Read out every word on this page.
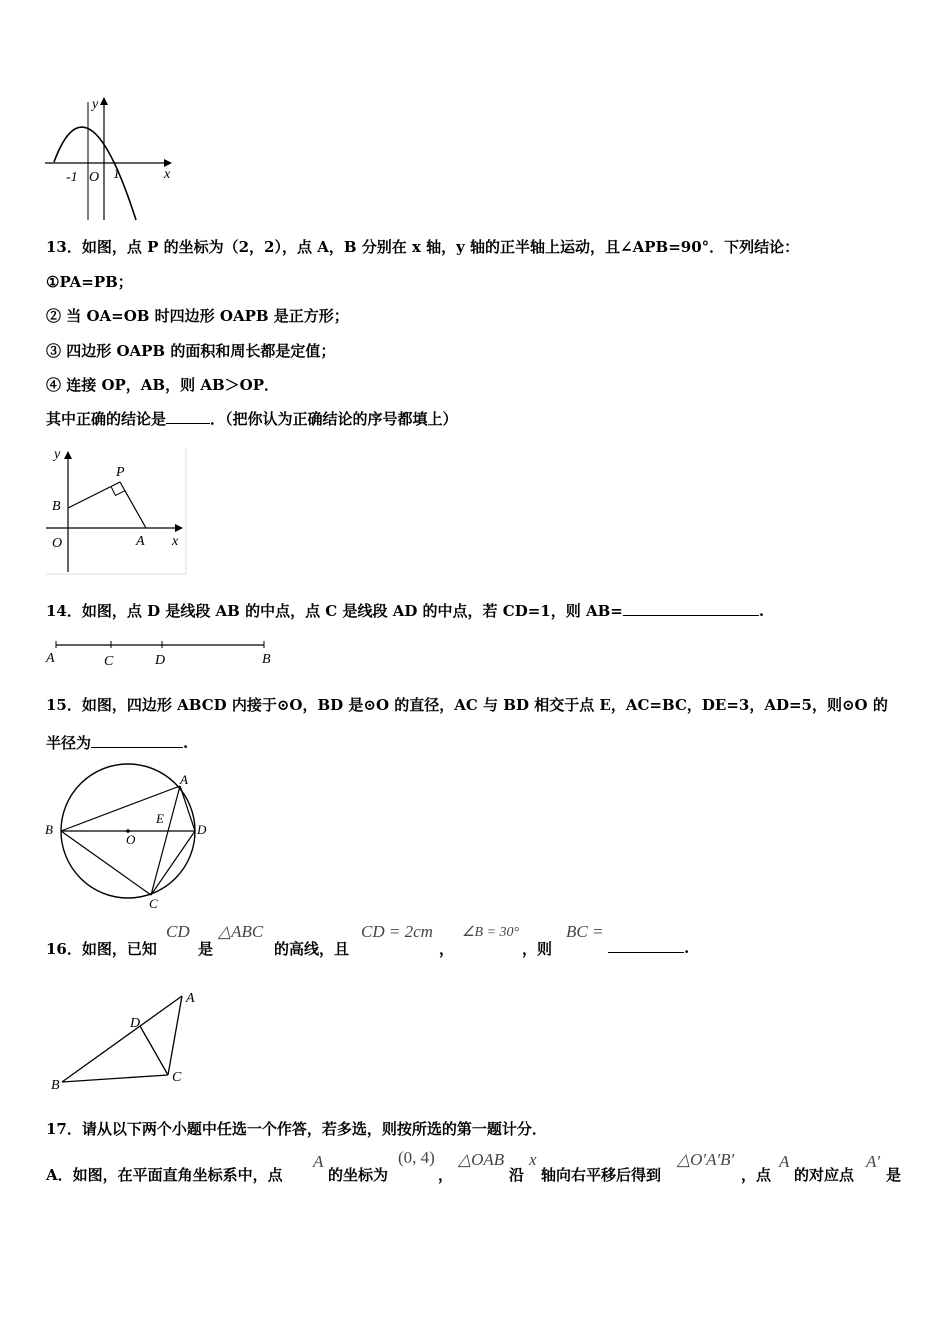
y
x
O
-1	1
13．如图，点 P 的坐标为（2，2），点 A，B 分别在 x 轴，y 轴的正半轴上运动，且∠APB=90°．下列结论：
①PA=PB；
② 当 OA=OB 时四边形 OAPB 是正方形；
③ 四边形 OAPB 的面积和周长都是定值；
④ 连接 OP，AB，则 AB＞OP．
其中正确的结论是	．（把你认为正确结论的序号都填上）
y
P
B
O	A x
14．如图，点 D 是线段 AB 的中点，点 C 是线段 AD 的中点，若 CD=1，则 AB=	.
A	C	D	B
15．如图，四边形 ABCD 内接于⊙O，BD 是⊙O 的直径，AC 与 BD 相交于点 E，AC=BC，DE=3，AD=5，则⊙O 的
半径为	.
A
B
C
D
E
O
16．如图，已知
CD
是
△ABC
的高线，且
CD = 2cm
，
∠B = 30°
，则
BC =
.
A
B
C
D
17．请从以下两个小题中任选一个作答，若多选，则按所选的第一题计分．
A．如图，在平面直角坐标系中，点
A
的坐标为
(0, 4)
，
△OAB
沿
x
轴向右平移后得到
△O′A′B′
，点
A
的对应点
A′
是
